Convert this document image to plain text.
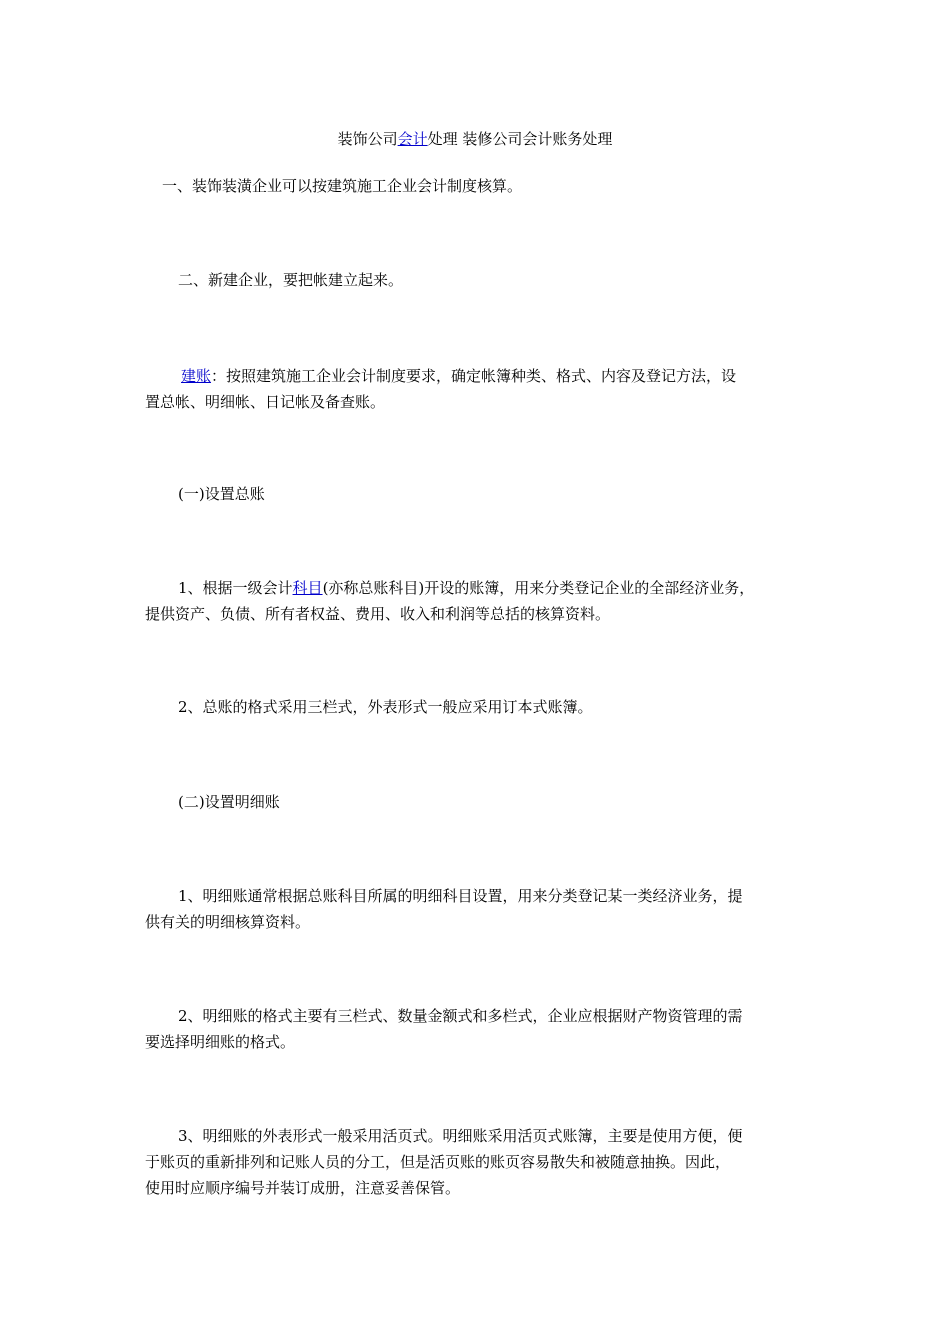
装饰公司会计处理 装修公司会计账务处理
一、装饰装潢企业可以按建筑施工企业会计制度核算。
二、新建企业，要把帐建立起来。
建账：按照建筑施工企业会计制度要求，确定帐簿种类、格式、内容及登记方法，设
置总帐、明细帐、日记帐及备查账。
(一)设置总账
1、根据一级会计科目(亦称总账科目)开设的账簿，用来分类登记企业的全部经济业务，
提供资产、负债、所有者权益、费用、收入和利润等总括的核算资料。
2、总账的格式采用三栏式，外表形式一般应采用订本式账簿。
(二)设置明细账
1、明细账通常根据总账科目所属的明细科目设置，用来分类登记某一类经济业务，提
供有关的明细核算资料。
2、明细账的格式主要有三栏式、数量金额式和多栏式，企业应根据财产物资管理的需
要选择明细账的格式。
3、明细账的外表形式一般采用活页式。明细账采用活页式账簿，主要是使用方便，便
于账页的重新排列和记账人员的分工，但是活页账的账页容易散失和被随意抽换。因此，
使用时应顺序编号并装订成册，注意妥善保管。
